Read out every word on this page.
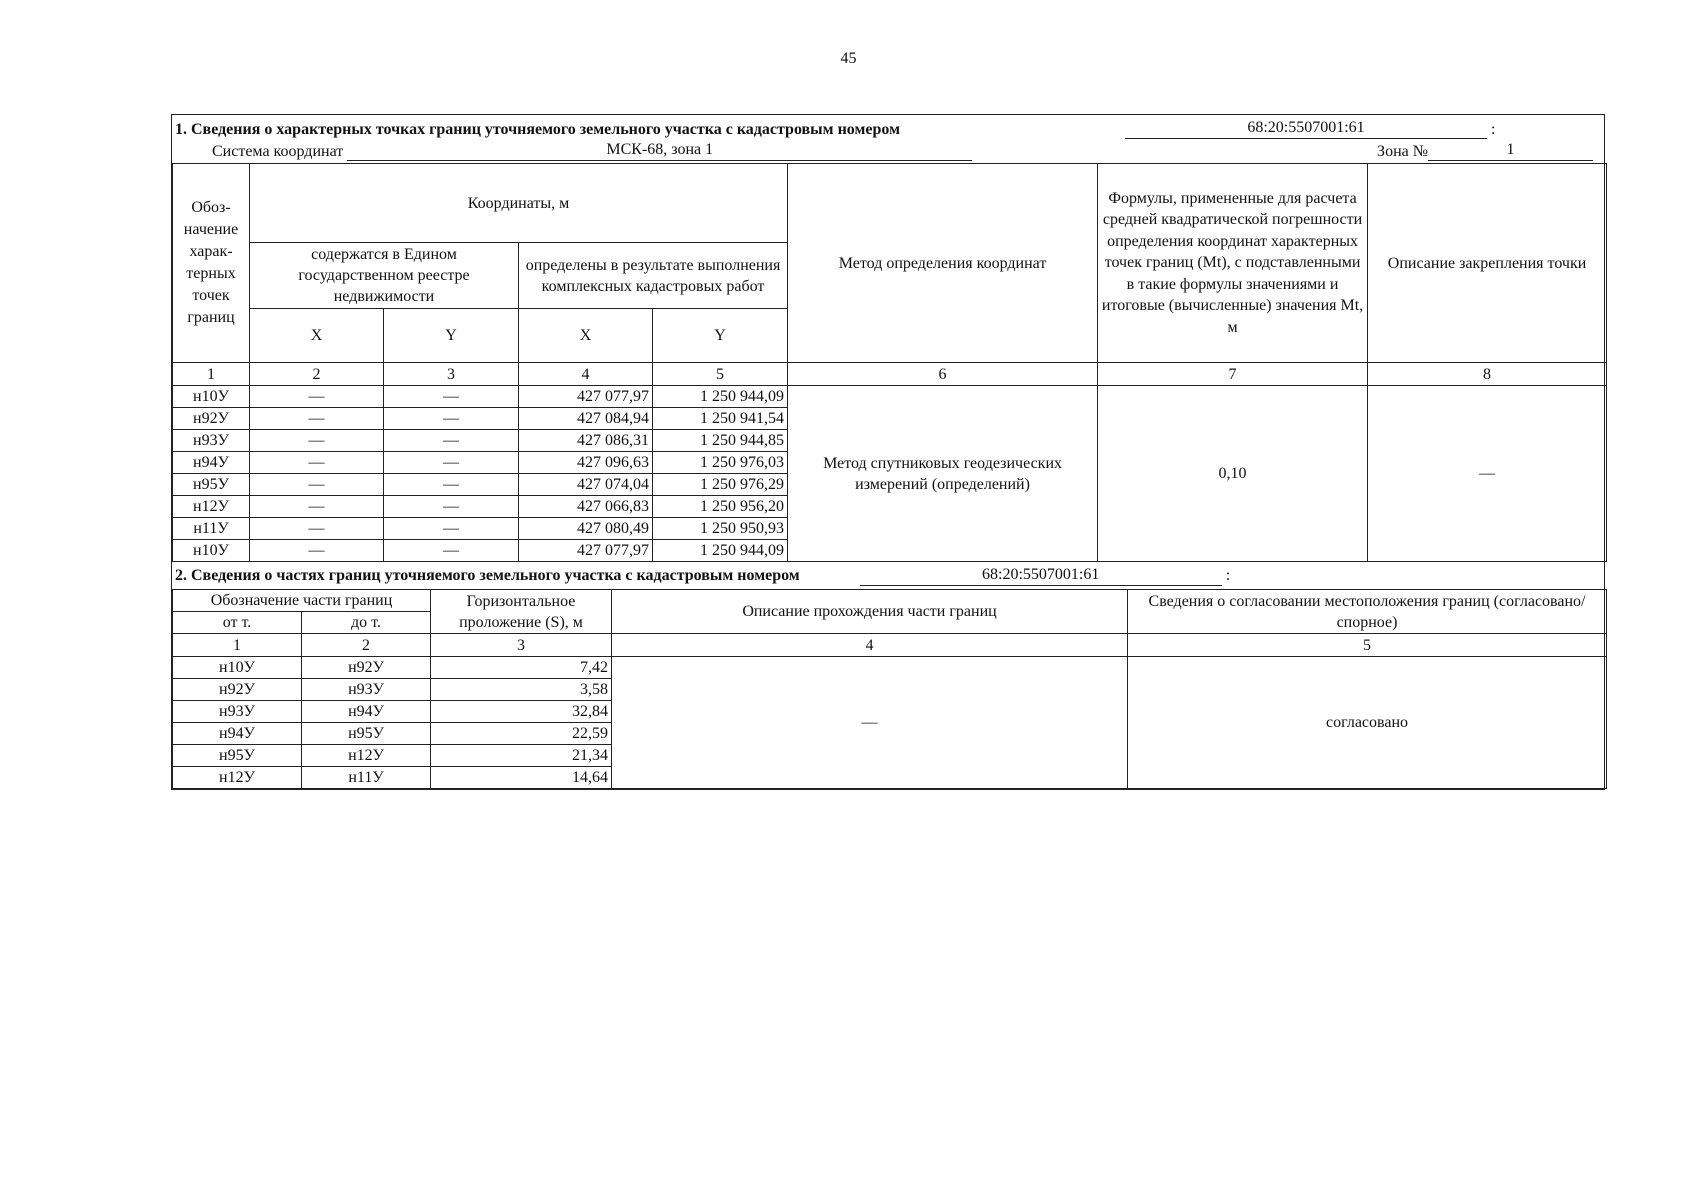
45
1. Сведения о характерных точках границ уточняемого земельного участка с кадастровым номером	68:20:5507001:61	:
Система координат	МСК-68, зона 1	Зона №	1
Обоз-начение харак-терных точек границ	Координаты, м				Метод определения координат	Формулы, примененные для расчета средней квадратической погрешности определения координат характерных точек границ (Mt), с подставленными в такие формулы значениями и итоговые (вычисленные) значения Mt, м	Описание закрепления точки
	содержатся в Едином государственном реестре недвижимости		определены в результате выполнения комплексных кадастровых работ				
	X	Y	X	Y			
1	2	3	4	5	6	7	8
н10У	—	—	427 077,97	1 250 944,09	Метод спутниковых геодезических измерений (определений)	0,10	—
н92У	—	—	427 084,94	1 250 941,54			
н93У	—	—	427 086,31	1 250 944,85			
н94У	—	—	427 096,63	1 250 976,03			
н95У	—	—	427 074,04	1 250 976,29			
н12У	—	—	427 066,83	1 250 956,20			
н11У	—	—	427 080,49	1 250 950,93			
н10У	—	—	427 077,97	1 250 944,09			
2. Сведения о частях границ уточняемого земельного участка с кадастровым номером	68:20:5507001:61	:
Обозначение части границ		Горизонтальное проложение (S), м	Описание прохождения части границ	Сведения о согласовании местоположения границ (согласовано/спорное)
от т.	до т.			
1	2	3	4	5
н10У	н92У	7,42	—	согласовано
н92У	н93У	3,58		
н93У	н94У	32,84		
н94У	н95У	22,59		
н95У	н12У	21,34		
н12У	н11У	14,64		
